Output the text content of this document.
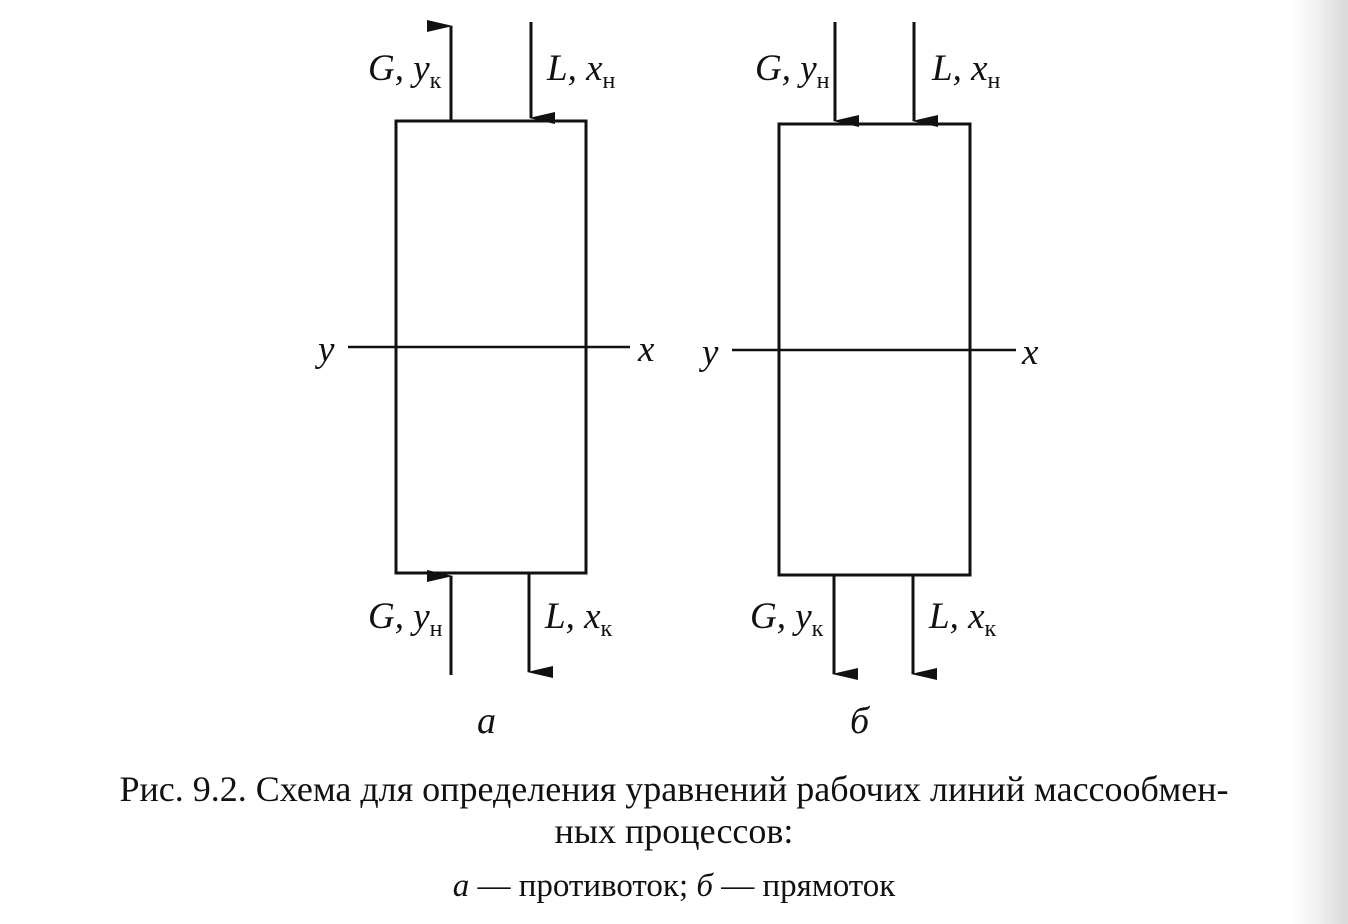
y	x
G, $y_к$	L, $x_н$
G, $y_н$	L, $x_к$
а
y	x
G, $y_н$	L, $x_н$
G, $y_к$	L, $x_к$
б
Рис. 9.2. Схема для определения уравнений рабочих линий массообмен-
ных процессов:
а — противоток; б — прямоток
